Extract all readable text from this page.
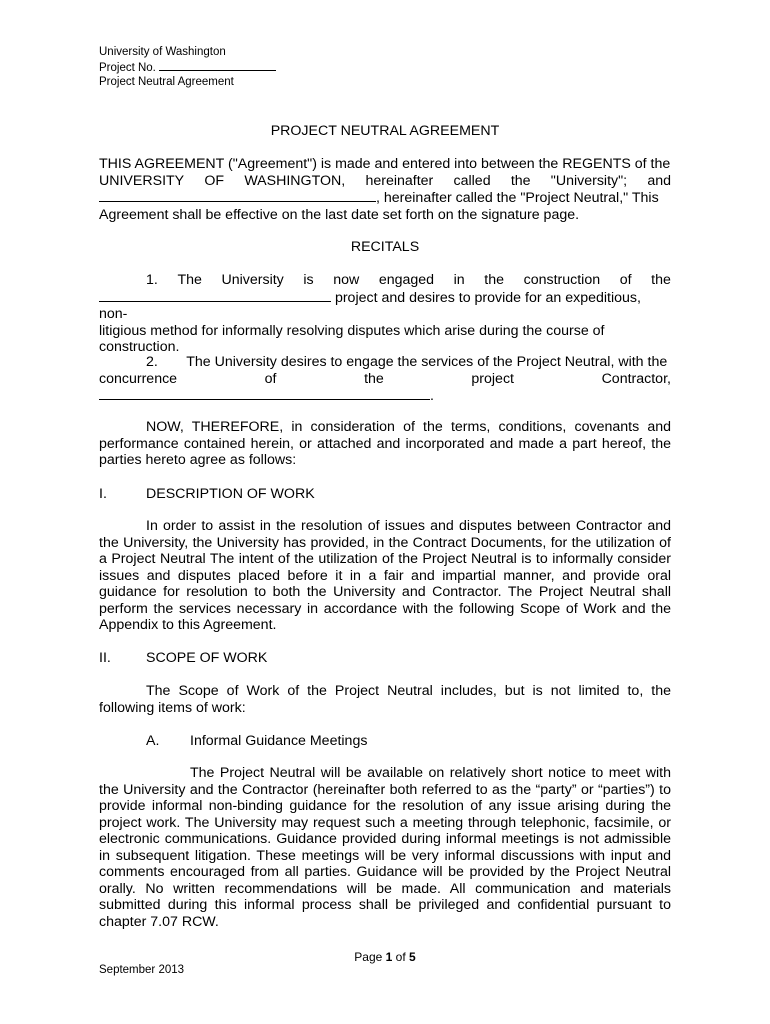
University of Washington
Project No.
Project Neutral Agreement
PROJECT NEUTRAL AGREEMENT
THIS AGREEMENT ("Agreement") is made and entered into between the REGENTS of the
UNIVERSITY OF WASHINGTON, hereinafter called the "University"; and
, hereinafter called the "Project Neutral," This
Agreement shall be effective on the last date set forth on the signature page.
RECITALS
1. The University is now engaged in the construction of the
project and desires to provide for an expeditious, non-
litigious method for informally resolving disputes which arise during the course of
construction.
2.  The University desires to engage the services of the Project Neutral, with the
concurrence	of	the	project	Contractor,
.
NOW, THEREFORE, in consideration of the terms, conditions, covenants and performance contained herein, or attached and incorporated and made a part hereof, the parties hereto agree as follows:
I.	DESCRIPTION OF WORK
In order to assist in the resolution of issues and disputes between Contractor and the University, the University has provided, in the Contract Documents, for the utilization of a Project Neutral The intent of the utilization of the Project Neutral is to informally consider issues and disputes placed before it in a fair and impartial manner, and provide oral guidance for resolution to both the University and Contractor. The Project Neutral shall perform the services necessary in accordance with the following Scope of Work and the Appendix to this Agreement.
II. SCOPE OF WORK
The Scope of Work of the Project Neutral includes, but is not limited to, the following items of work:
A. Informal Guidance Meetings
The Project Neutral will be available on relatively short notice to meet with the University and the Contractor (hereinafter both referred to as the “party” or “parties”) to provide informal non-binding guidance for the resolution of any issue arising during the project work. The University may request such a meeting through telephonic, facsimile, or electronic communications. Guidance provided during informal meetings is not admissible in subsequent litigation. These meetings will be very informal discussions with input and comments encouraged from all parties. Guidance will be provided by the Project Neutral orally. No written recommendations will be made. All communication and materials submitted during this informal process shall be privileged and confidential pursuant to chapter 7.07 RCW.
Page 1 of 5
September 2013
